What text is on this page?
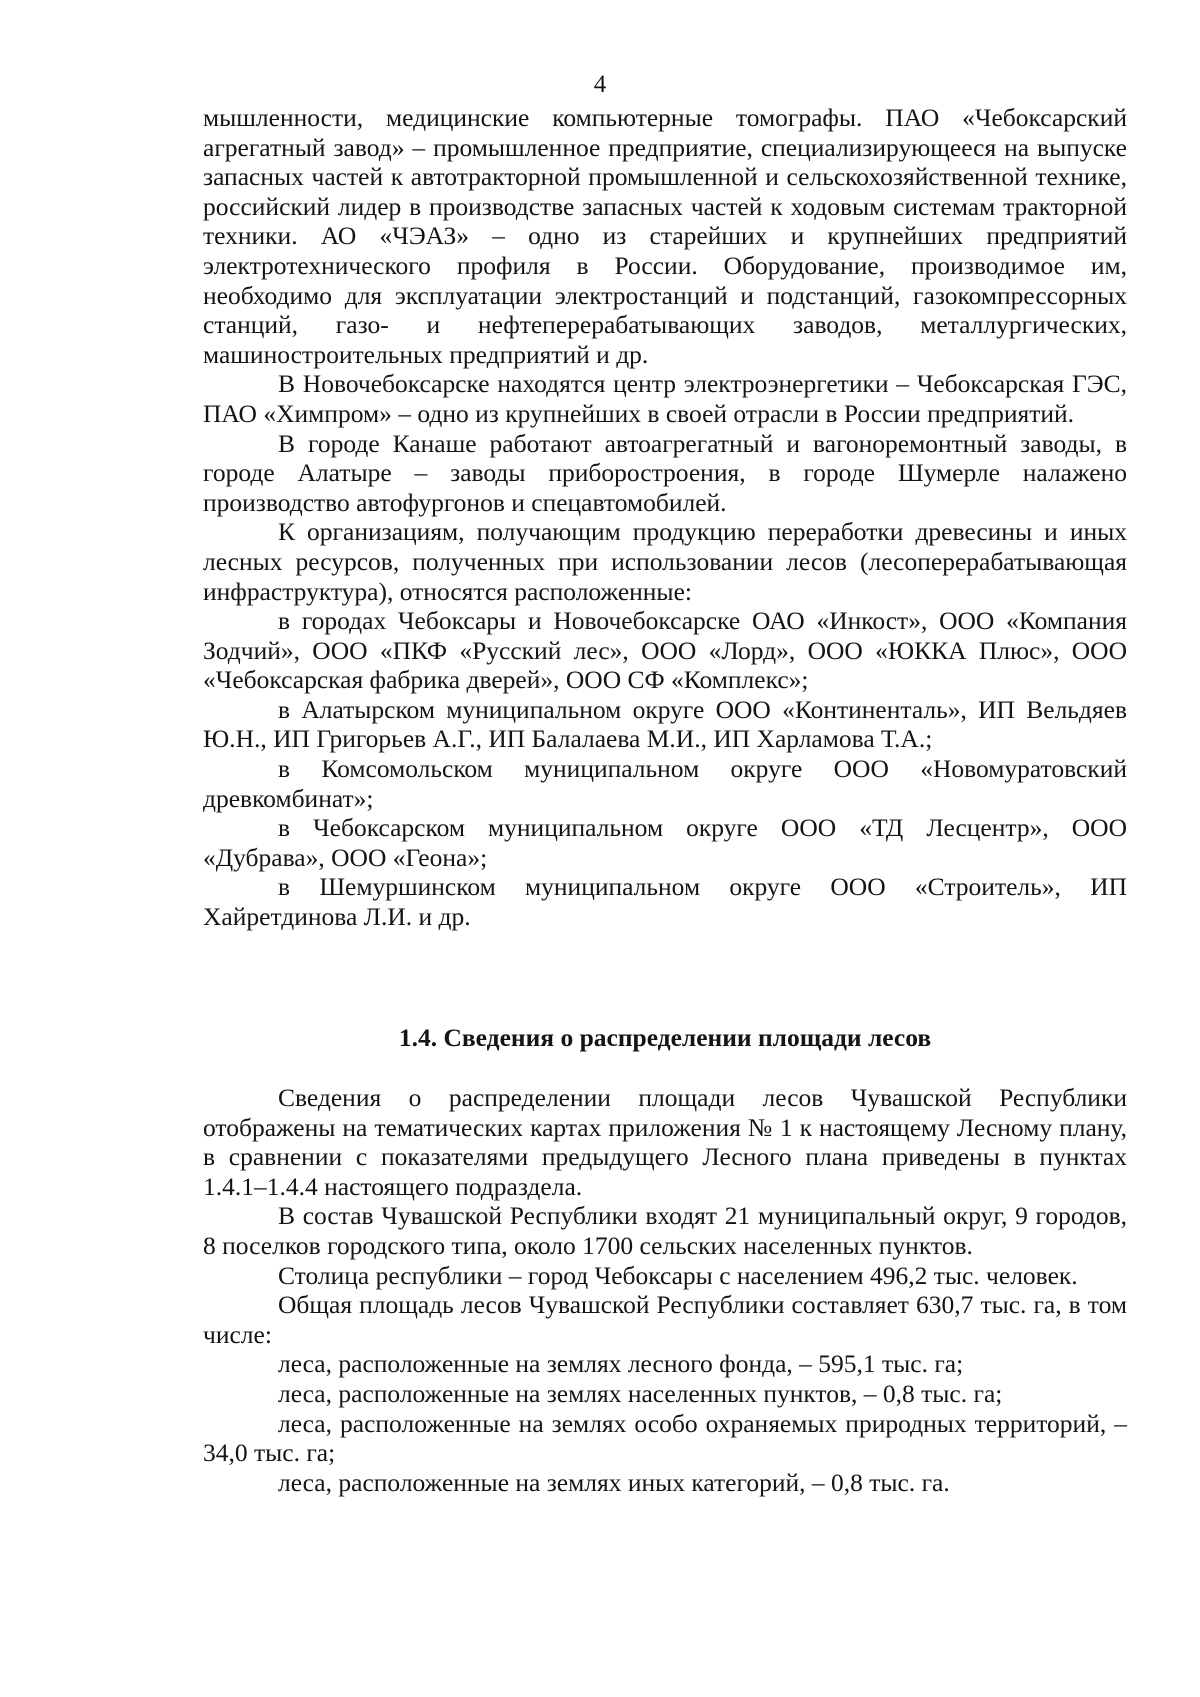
4

мышленности, медицинские компьютерные томографы. ПАО «Чебоксарский агрегатный завод» – промышленное предприятие, специализирующееся на выпуске запасных частей к автотракторной промышленной и сельскохозяйственной технике, российский лидер в производстве запасных частей к ходовым системам тракторной техники. АО «ЧЭАЗ» – одно из старейших и крупнейших предприятий электротехнического профиля в России. Оборудование, производимое им, необходимо для эксплуатации электростанций и подстанций, газокомпрессорных станций, газо- и нефтеперерабатывающих заводов, металлургических, машиностроительных предприятий и др.

В Новочебоксарске находятся центр электроэнергетики – Чебоксарская ГЭС, ПАО «Химпром» – одно из крупнейших в своей отрасли в России предприятий.

В городе Канаше работают автоагрегатный и вагоноремонтный заводы, в городе Алатыре – заводы приборостроения, в городе Шумерле налажено производство автофургонов и спецавтомобилей.

К организациям, получающим продукцию переработки древесины и иных лесных ресурсов, полученных при использовании лесов (лесоперерабатывающая инфраструктура), относятся расположенные:

в городах Чебоксары и Новочебоксарске ОАО «Инкост», ООО «Компания Зодчий», ООО «ПКФ «Русский лес», ООО «Лорд», ООО «ЮККА Плюс», ООО «Чебоксарская фабрика дверей», ООО СФ «Комплекс»;

в Алатырском муниципальном округе ООО «Континенталь», ИП Вельдяев Ю.Н., ИП Григорьев А.Г., ИП Балалаева М.И., ИП Харламова Т.А.;

в Комсомольском муниципальном округе ООО «Новомуратовский древкомбинат»;

в Чебоксарском муниципальном округе ООО «ТД Лесцентр», ООО «Дубрава», ООО «Геона»;

в Шемуршинском муниципальном округе ООО «Строитель», ИП Хайретдинова Л.И. и др.

1.4. Сведения о распределении площади лесов

Сведения о распределении площади лесов Чувашской Республики отображены на тематических картах приложения № 1 к настоящему Лесному плану, в сравнении с показателями предыдущего Лесного плана приведены в пунктах 1.4.1–1.4.4 настоящего подраздела.

В состав Чувашской Республики входят 21 муниципальный округ, 9 городов, 8 поселков городского типа, около 1700 сельских населенных пунктов.

Столица республики – город Чебоксары с населением 496,2 тыс. человек.

Общая площадь лесов Чувашской Республики составляет 630,7 тыс. га, в том числе:

леса, расположенные на землях лесного фонда, – 595,1 тыс. га;

леса, расположенные на землях населенных пунктов, – 0,8 тыс. га;

леса, расположенные на землях особо охраняемых природных территорий, – 34,0 тыс. га;

леса, расположенные на землях иных категорий, – 0,8 тыс. га.
